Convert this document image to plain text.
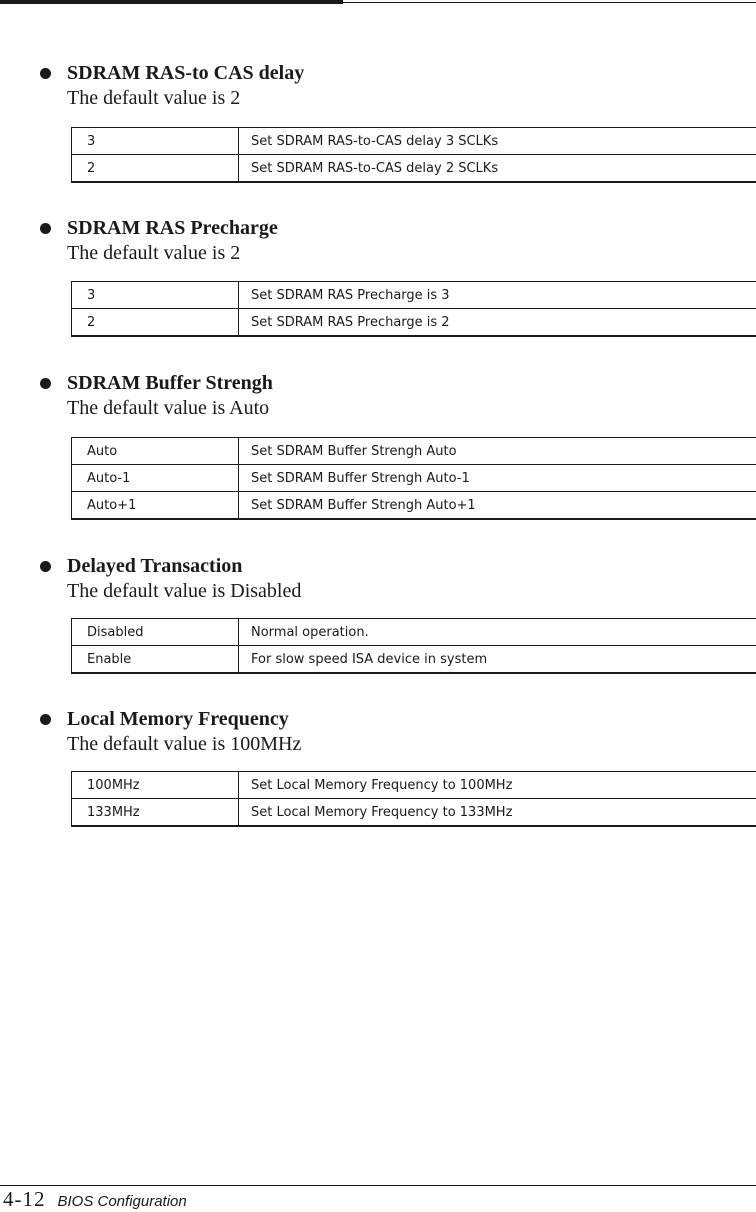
SDRAM RAS-to CAS delay
The default value is 2
3	Set SDRAM RAS-to-CAS delay 3 SCLKs
2	Set SDRAM RAS-to-CAS delay 2 SCLKs
SDRAM RAS Precharge
The default value is 2
3	Set SDRAM RAS Precharge is 3
2	Set SDRAM RAS Precharge is 2
SDRAM Buffer Strengh
The default value is Auto
Auto	Set SDRAM Buffer Strengh Auto
Auto-1	Set SDRAM Buffer Strengh Auto-1
Auto+1	Set SDRAM Buffer Strengh Auto+1
Delayed Transaction
The default value is Disabled
Disabled	Normal operation.
Enable	For slow speed ISA device in system
Local Memory Frequency
The default value is 100MHz
100MHz	Set Local Memory Frequency to 100MHz
133MHz	Set Local Memory Frequency to 133MHz
4-12 BIOS Configuration
